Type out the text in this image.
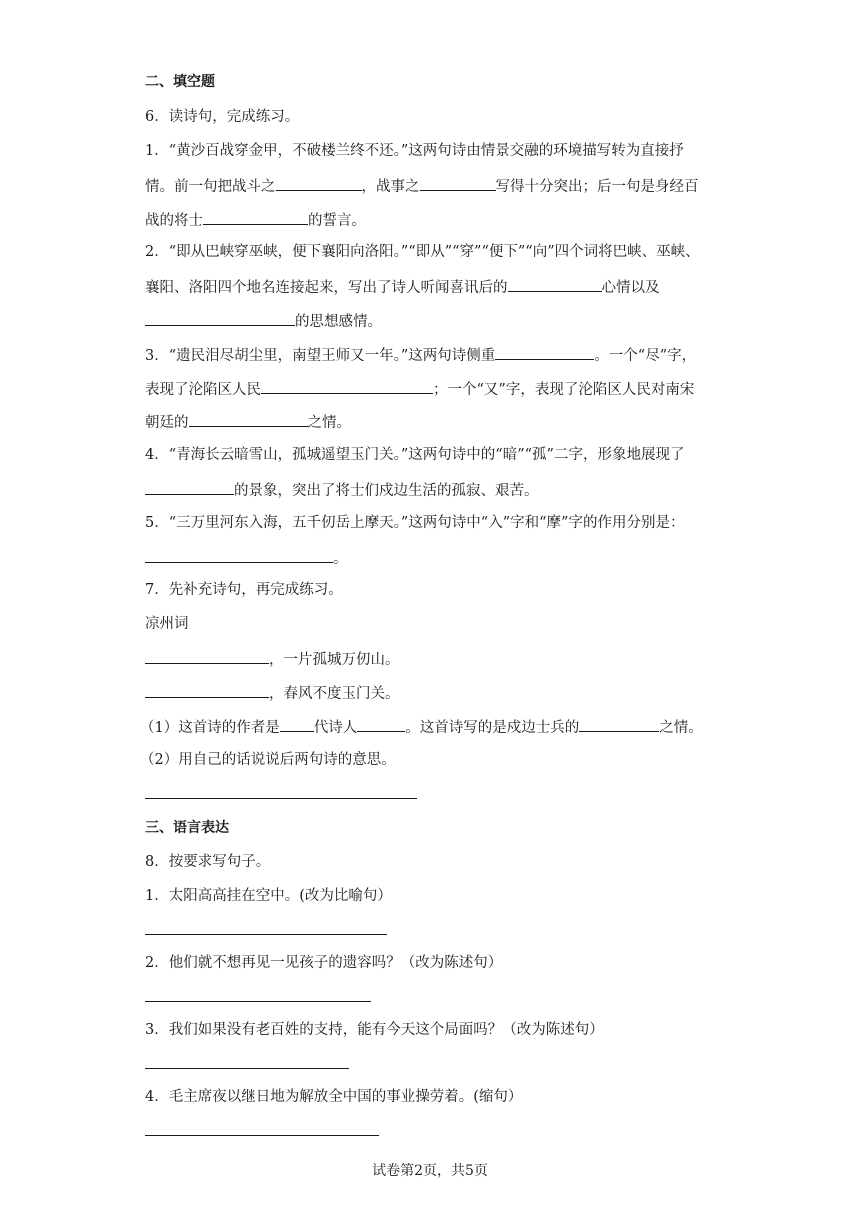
二、填空题
6．读诗句，完成练习。
1．“黄沙百战穿金甲，不破楼兰终不还。”这两句诗由情景交融的环境描写转为直接抒
情。前一句把战斗之	，战事之	写得十分突出；后一句是身经百
战的将士	的誓言。
2．“即从巴峡穿巫峡，便下襄阳向洛阳。”“即从”“穿”“便下”“向”四个词将巴峡、巫峡、
襄阳、洛阳四个地名连接起来，写出了诗人听闻喜讯后的	心情以及
的思想感情。
3．“遗民泪尽胡尘里，南望王师又一年。”这两句诗侧重	。一个“尽”字，
表现了沦陷区人民	；一个“又”字，表现了沦陷区人民对南宋
朝廷的	之情。
4．“青海长云暗雪山，孤城遥望玉门关。”这两句诗中的“暗”“孤”二字，形象地展现了
的景象，突出了将士们戍边生活的孤寂、艰苦。
5．“三万里河东入海，五千仞岳上摩天。”这两句诗中“入”字和“摩”字的作用分别是：
。
7．先补充诗句，再完成练习。
凉州词
，一片孤城万仞山。
，春风不度玉门关。
（1）这首诗的作者是 代诗人	。这首诗写的是戍边士兵的	之情。
（2）用自己的话说说后两句诗的意思。
三、语言表达
8．按要求写句子。
1．太阳高高挂在空中。(改为比喻句）
2．他们就不想再见一见孩子的遗容吗？（改为陈述句）
3．我们如果没有老百姓的支持，能有今天这个局面吗？（改为陈述句）
4．毛主席夜以继日地为解放全中国的事业操劳着。(缩句）
试卷第2页，共5页
